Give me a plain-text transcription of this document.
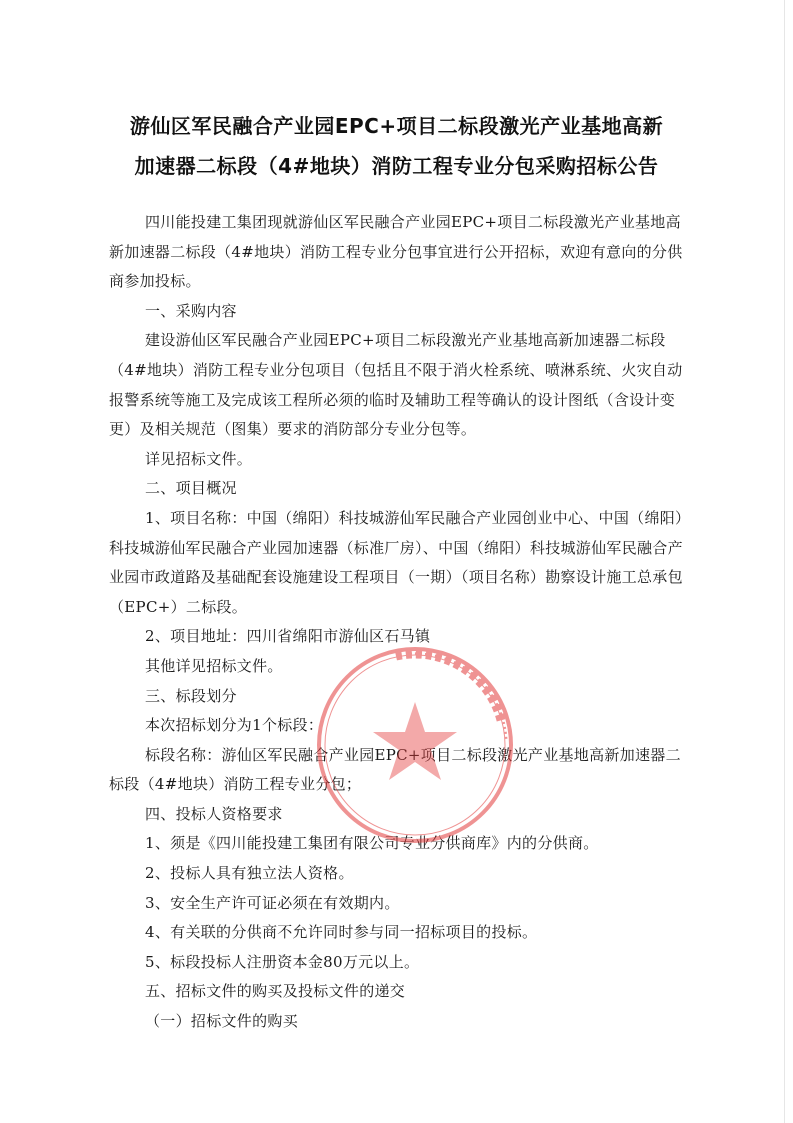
游仙区军民融合产业园EPC+项目二标段激光产业基地高新
加速器二标段（4#地块）消防工程专业分包采购招标公告

四川能投建工集团现就游仙区军民融合产业园EPC+项目二标段激光产业基地高新加速器二标段（4#地块）消防工程专业分包事宜进行公开招标，欢迎有意向的分供商参加投标。

一、采购内容

建设游仙区军民融合产业园EPC+项目二标段激光产业基地高新加速器二标段（4#地块）消防工程专业分包项目（包括且不限于消火栓系统、喷淋系统、火灾自动报警系统等施工及完成该工程所必须的临时及辅助工程等确认的设计图纸（含设计变更）及相关规范（图集）要求的消防部分专业分包等。

详见招标文件。

二、项目概况

1、项目名称：中国（绵阳）科技城游仙军民融合产业园创业中心、中国（绵阳）科技城游仙军民融合产业园加速器（标准厂房）、中国（绵阳）科技城游仙军民融合产业园市政道路及基础配套设施建设工程项目（一期）（项目名称）勘察设计施工总承包（EPC+）二标段。

2、项目地址：四川省绵阳市游仙区石马镇

其他详见招标文件。

三、标段划分

本次招标划分为1个标段：

标段名称：游仙区军民融合产业园EPC+项目二标段激光产业基地高新加速器二标段（4#地块）消防工程专业分包；

四、投标人资格要求

1、须是《四川能投建工集团有限公司专业分供商库》内的分供商。

2、投标人具有独立法人资格。

3、安全生产许可证必须在有效期内。

4、有关联的分供商不允许同时参与同一招标项目的投标。

5、标段投标人注册资本金80万元以上。

五、招标文件的购买及投标文件的递交

（一）招标文件的购买
